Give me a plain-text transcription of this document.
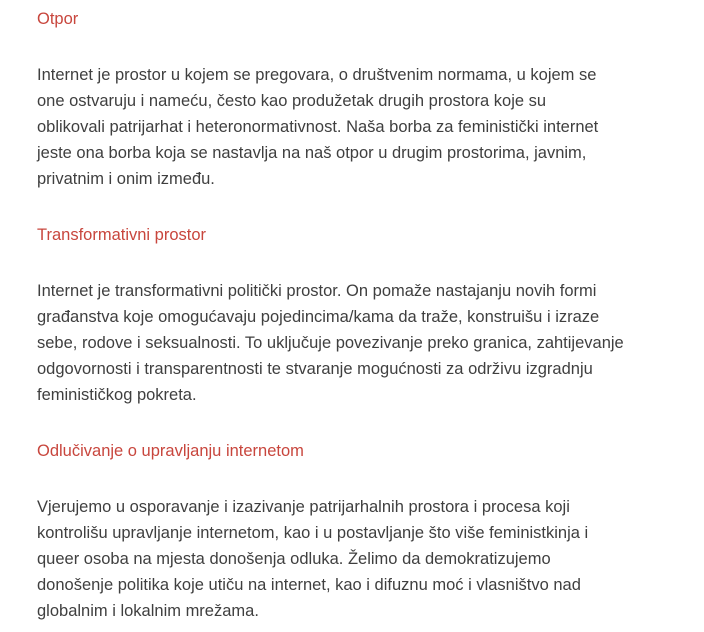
Otpor

Internet je prostor u kojem se pregovara, o društvenim normama, u kojem se
one ostvaruju i nameću, često kao produžetak drugih prostora koje su
oblikovali patrijarhat i heteronormativnost. Naša borba za feministički internet
jeste ona borba koja se nastavlja na naš otpor u drugim prostorima, javnim,
privatnim i onim između.

Transformativni prostor

Internet je transformativni politički prostor. On pomaže nastajanju novih formi
građanstva koje omogućavaju pojedincima/kama da traže, konstruišu i izraze
sebe, rodove i seksualnosti. To uključuje povezivanje preko granica, zahtijevanje
odgovornosti i transparentnosti te stvaranje mogućnosti za održivu izgradnju
feminističkog pokreta.

Odlučivanje o upravljanju internetom

Vjerujemo u osporavanje i izazivanje patrijarhalnih prostora i procesa koji
kontrolišu upravljanje internetom, kao i u postavljanje što više feministkinja i
queer osoba na mjesta donošenja odluka. Želimo da demokratizujemo
donošenje politika koje utiču na internet, kao i difuznu moć i vlasništvo nad
globalnim i lokalnim mrežama.
